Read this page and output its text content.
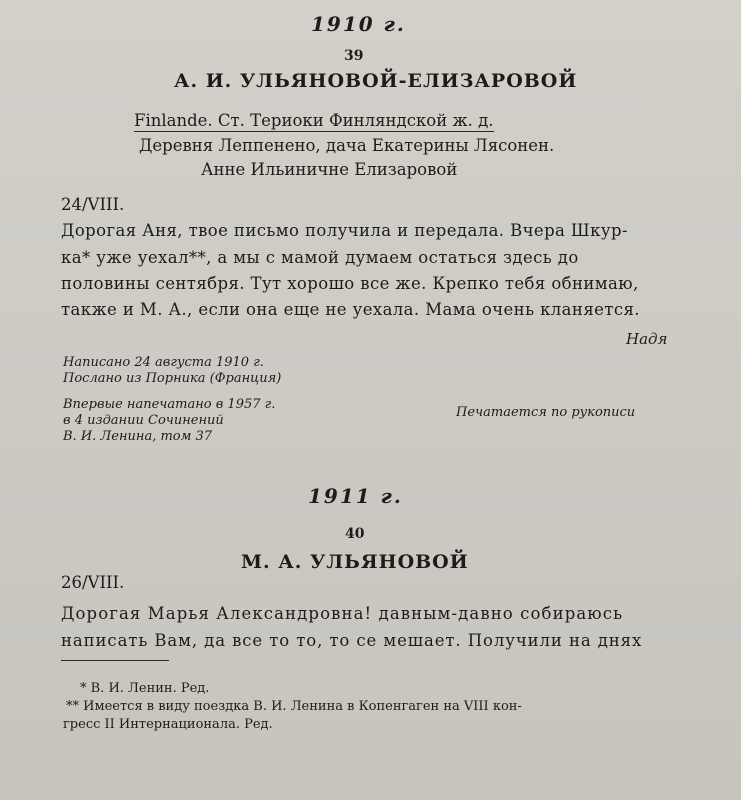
1910 г.
39
А. И. УЛЬЯНОВОЙ-ЕЛИЗАРОВОЙ
Finlande. Ст. Териоки Финляндской ж. д.
Деревня Леппенено, дача Екатерины Лясонен.
Анне Ильиничне Елизаровой
24/VIII.
Дорогая Аня, твое письмо получила и передала. Вчера Шкур-
ка* уже уехал**, а мы с мамой думаем остаться здесь до
половины сентября. Тут хорошо все же. Крепко тебя обнимаю,
также и М. А., если она еще не уехала. Мама очень кланяется.
Надя
Написано 24 августа 1910 г.
Послано из Порника (Франция)
Впервые напечатано в 1957 г.
в 4 издании Сочинений
В. И. Ленина, том 37
Печатается по рукописи
1911 г.
40
М. А. УЛЬЯНОВОЙ
26/VIII.
Дорогая Марья Александровна! давным-давно собираюсь
написать Вам, да все то то, то се мешает. Получили на днях
* В. И. Ленин. Ред.
** Имеется в виду поездка В. И. Ленина в Копенгаген на VIII кон-
гресс II Интернационала. Ред.
